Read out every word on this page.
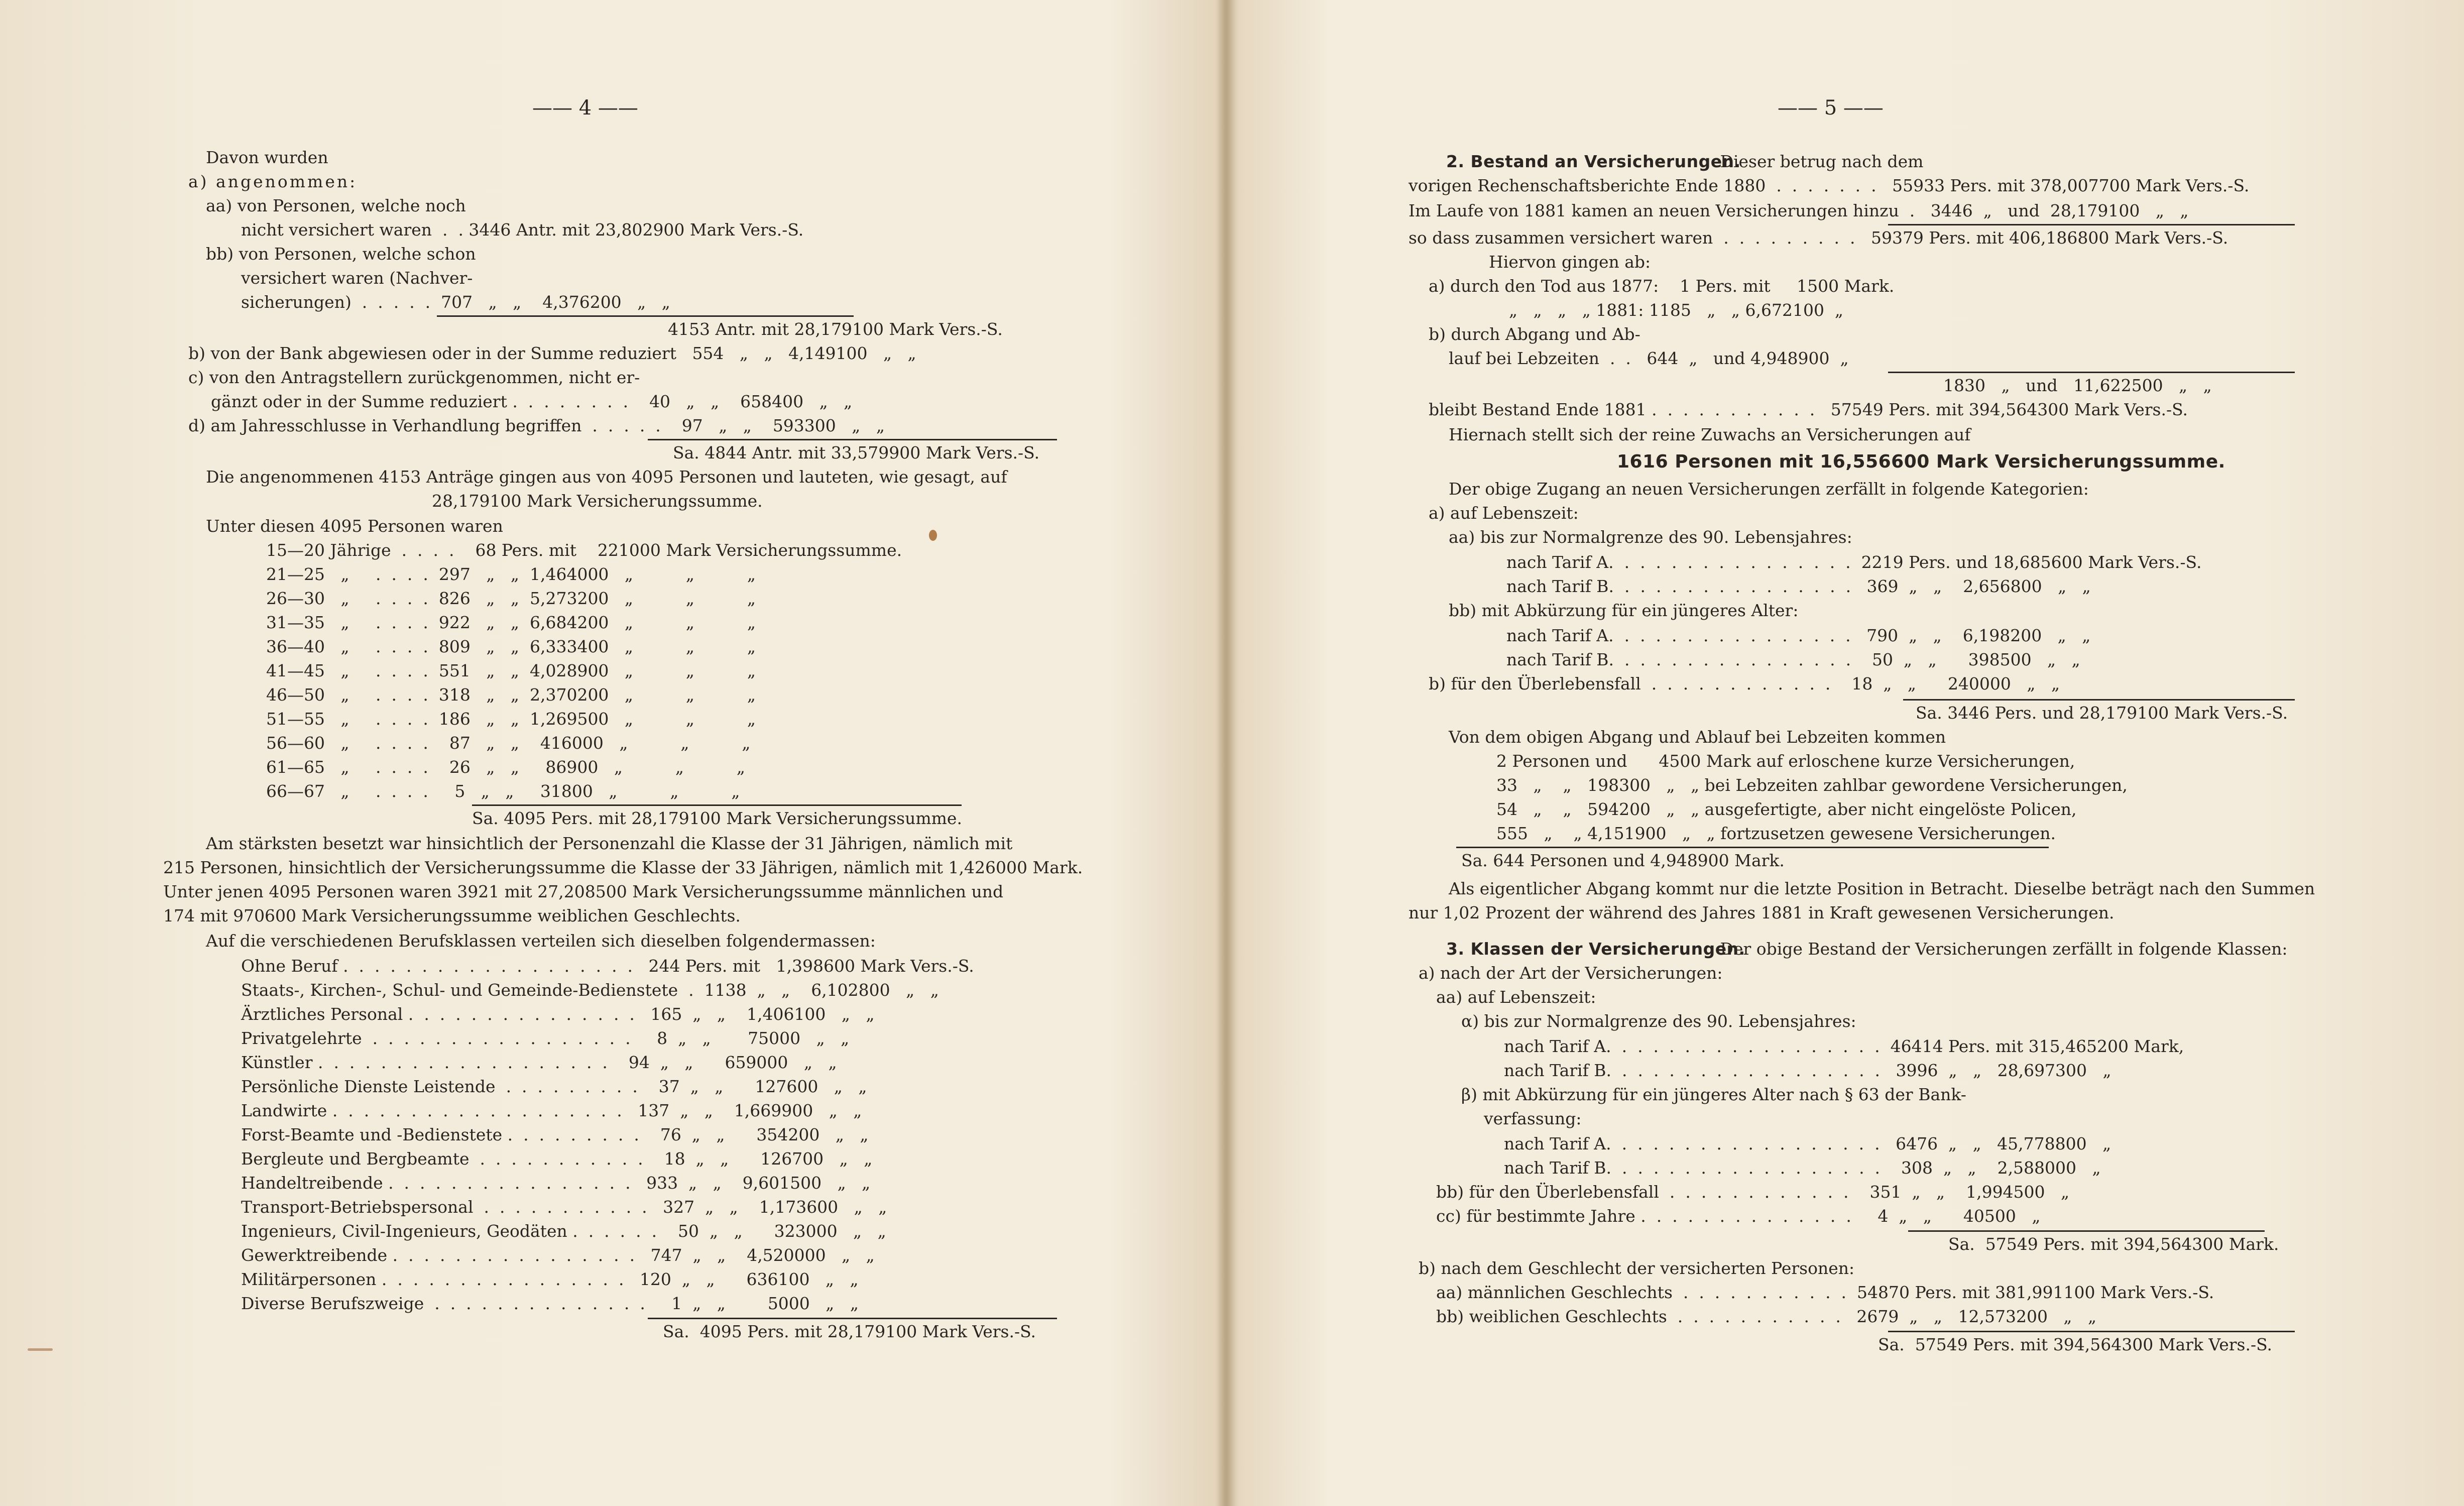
—— 4 ——
Davon wurden
a) angenommen:
aa) von Personen, welche noch
nicht versichert waren  .  . 3446 Antr. mit 23,802900 Mark Vers.-S.
bb) von Personen, welche schon
versichert waren (Nachver-
sicherungen)  .  .  .  .  .  707   „   „    4,376200   „   „
4153 Antr. mit 28,179100 Mark Vers.-S.
b) von der Bank abgewiesen oder in der Summe reduziert   554   „   „   4,149100   „   „
c) von den Antragstellern zurückgenommen, nicht er-
gänzt oder in der Summe reduziert .  .  .  .  .  .  .  .    40   „   „    658400   „   „
d) am Jahresschlusse in Verhandlung begriffen  .  .  .  .  .    97   „   „    593300   „   „
Sa. 4844 Antr. mit 33,579900 Mark Vers.-S.
Die angenommenen 4153 Anträge gingen aus von 4095 Personen und lauteten, wie gesagt, auf
28,179100 Mark Versicherungssumme.
Unter diesen 4095 Personen waren
15—20 Jährige  .  .  .  .    68 Pers. mit    221000 Mark Versicherungssumme.
21—25   „     .  .  .  .  297   „   „  1,464000   „          „          „
26—30   „     .  .  .  .  826   „   „  5,273200   „          „          „
31—35   „     .  .  .  .  922   „   „  6,684200   „          „          „
36—40   „     .  .  .  .  809   „   „  6,333400   „          „          „
41—45   „     .  .  .  .  551   „   „  4,028900   „          „          „
46—50   „     .  .  .  .  318   „   „  2,370200   „          „          „
51—55   „     .  .  .  .  186   „   „  1,269500   „          „          „
56—60   „     .  .  .  .    87   „   „    416000   „          „          „
61—65   „     .  .  .  .    26   „   „     86900   „          „          „
66—67   „     .  .  .  .     5   „   „     31800   „          „          „
Sa. 4095 Pers. mit 28,179100 Mark Versicherungssumme.
Am stärksten besetzt war hinsichtlich der Personenzahl die Klasse der 31 Jährigen, nämlich mit
215 Personen, hinsichtlich der Versicherungssumme die Klasse der 33 Jährigen, nämlich mit 1,426000 Mark.
Unter jenen 4095 Personen waren 3921 mit 27,208500 Mark Versicherungssumme männlichen und
174 mit 970600 Mark Versicherungssumme weiblichen Geschlechts.
Auf die verschiedenen Berufsklassen verteilen sich dieselben folgendermassen:
Ohne Beruf .  .  .  .  .  .  .  .  .  .  .  .  .  .  .  .  .  .  .   244 Pers. mit   1,398600 Mark Vers.-S.
Staats-, Kirchen-, Schul- und Gemeinde-Bedienstete  .  1138  „   „    6,102800   „   „
Ärztliches Personal .  .  .  .  .  .  .  .  .  .  .  .  .  .  .   165  „   „    1,406100   „   „
Privatgelehrte  .  .  .  .  .  .  .  .  .  .  .  .  .  .  .  .  .     8  „   „       75000   „   „
Künstler .  .  .  .  .  .  .  .  .  .  .  .  .  .  .  .  .  .  .    94  „   „      659000   „   „
Persönliche Dienste Leistende  .  .  .  .  .  .  .  .  .    37  „   „      127600   „   „
Landwirte .  .  .  .  .  .  .  .  .  .  .  .  .  .  .  .  .  .  .   137  „   „    1,669900   „   „
Forst-Beamte und -Bedienstete .  .  .  .  .  .  .  .  .    76  „   „      354200   „   „
Bergleute und Bergbeamte  .  .  .  .  .  .  .  .  .  .  .    18  „   „      126700   „   „
Handeltreibende .  .  .  .  .  .  .  .  .  .  .  .  .  .  .  .   933  „   „    9,601500   „   „
Transport-Betriebspersonal  .  .  .  .  .  .  .  .  .  .  .   327  „   „    1,173600   „   „
Ingenieurs, Civil-Ingenieurs, Geodäten .  .  .  .  .  .    50  „   „      323000   „   „
Gewerktreibende .  .  .  .  .  .  .  .  .  .  .  .  .  .  .  .   747  „   „    4,520000   „   „
Militärpersonen .  .  .  .  .  .  .  .  .  .  .  .  .  .  .  .   120  „   „      636100   „   „
Diverse Berufszweige  .  .  .  .  .  .  .  .  .  .  .  .  .  .     1  „   „        5000   „   „
Sa.  4095 Pers. mit 28,179100 Mark Vers.-S.
—— 5 ——
2. Bestand an Versicherungen.
Dieser betrug nach dem
vorigen Rechenschaftsberichte Ende 1880  .  .  .  .  .  .  .   55933 Pers. mit 378,007700 Mark Vers.-S.
Im Laufe von 1881 kamen an neuen Versicherungen hinzu  .   3446  „   und  28,179100   „   „
so dass zusammen versichert waren  .  .  .  .  .  .  .  .  .   59379 Pers. mit 406,186800 Mark Vers.-S.
Hiervon gingen ab:
a) durch den Tod aus 1877:    1 Pers. mit     1500 Mark.
„   „   „   „ 1881: 1185   „   „ 6,672100  „
b) durch Abgang und Ab-
lauf bei Lebzeiten  .  .   644  „   und 4,948900  „
1830   „   und   11,622500   „   „
bleibt Bestand Ende 1881 .  .  .  .  .  .  .  .  .  .  .   57549 Pers. mit 394,564300 Mark Vers.-S.
Hiernach stellt sich der reine Zuwachs an Versicherungen auf
1616 Personen mit 16,556600 Mark Versicherungssumme.
Der obige Zugang an neuen Versicherungen zerfällt in folgende Kategorien:
a) auf Lebenszeit:
aa) bis zur Normalgrenze des 90. Lebensjahres:
nach Tarif A.  .  .  .  .  .  .  .  .  .  .  .  .  .  .  .  2219 Pers. und 18,685600 Mark Vers.-S.
nach Tarif B.  .  .  .  .  .  .  .  .  .  .  .  .  .  .  .   369  „   „    2,656800   „   „
bb) mit Abkürzung für ein jüngeres Alter:
nach Tarif A.  .  .  .  .  .  .  .  .  .  .  .  .  .  .  .   790  „   „    6,198200   „   „
nach Tarif B.  .  .  .  .  .  .  .  .  .  .  .  .  .  .  .    50  „   „      398500   „   „
b) für den Überlebensfall  .  .  .  .  .  .  .  .  .  .  .  .    18  „   „      240000   „   „
Sa. 3446 Pers. und 28,179100 Mark Vers.-S.
Von dem obigen Abgang und Ablauf bei Lebzeiten kommen
2 Personen und      4500 Mark auf erloschene kurze Versicherungen,
33   „    „   198300   „   „ bei Lebzeiten zahlbar gewordene Versicherungen,
54   „    „   594200   „   „ ausgefertigte, aber nicht eingelöste Policen,
555   „    „ 4,151900   „   „ fortzusetzen gewesene Versicherungen.
Sa. 644 Personen und 4,948900 Mark.
Als eigentlicher Abgang kommt nur die letzte Position in Betracht. Dieselbe beträgt nach den Summen
nur 1,02 Prozent der während des Jahres 1881 in Kraft gewesenen Versicherungen.
3. Klassen der Versicherungen.
Der obige Bestand der Versicherungen zerfällt in folgende Klassen:
a) nach der Art der Versicherungen:
aa) auf Lebenszeit:
α) bis zur Normalgrenze des 90. Lebensjahres:
nach Tarif A.  .  .  .  .  .  .  .  .  .  .  .  .  .  .  .  .  .  46414 Pers. mit 315,465200 Mark,
nach Tarif B.  .  .  .  .  .  .  .  .  .  .  .  .  .  .  .  .  .   3996  „   „   28,697300   „
β) mit Abkürzung für ein jüngeres Alter nach § 63 der Bank-
verfassung:
nach Tarif A.  .  .  .  .  .  .  .  .  .  .  .  .  .  .  .  .  .   6476  „   „   45,778800   „
nach Tarif B.  .  .  .  .  .  .  .  .  .  .  .  .  .  .  .  .  .    308  „   „    2,588000   „
bb) für den Überlebensfall  .  .  .  .  .  .  .  .  .  .  .  .    351  „   „    1,994500   „
cc) für bestimmte Jahre .  .  .  .  .  .  .  .  .  .  .  .  .  .     4  „   „      40500   „
Sa.  57549 Pers. mit 394,564300 Mark.
b) nach dem Geschlecht der versicherten Personen:
aa) männlichen Geschlechts  .  .  .  .  .  .  .  .  .  .  .  54870 Pers. mit 381,991100 Mark Vers.-S.
bb) weiblichen Geschlechts  .  .  .  .  .  .  .  .  .  .  .   2679  „   „   12,573200   „   „
Sa.  57549 Pers. mit 394,564300 Mark Vers.-S.
